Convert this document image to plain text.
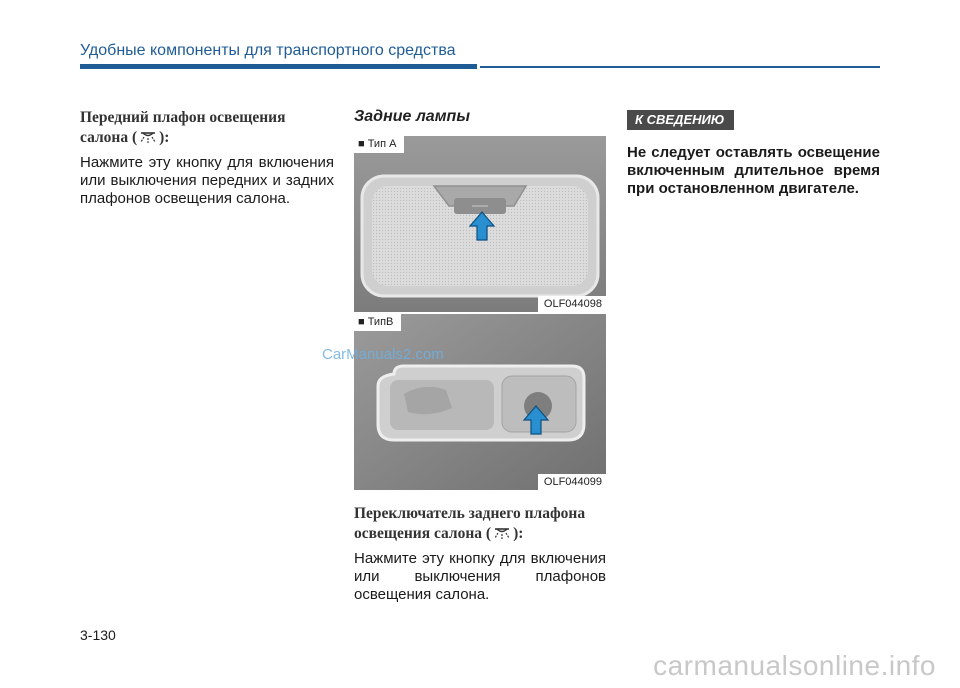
Удобные компоненты для транспортного средства
Передний плафон освещения
салона ( ):
Нажмите эту кнопку для включения или выключения передних и задних плафонов освещения салона.
Задние лампы
■ Тип А
OLF044098
■ ТипВ
OLF044099
Переключатель заднего плафона
освещения салона ( ):
Нажмите эту кнопку для включения или выключения плафонов освещения салона.
К СВЕДЕНИЮ
Не следует оставлять освещение включенным длительное время при остановленном двигателе.
CarManuals2.com
3-130
carmanualsonline.info
